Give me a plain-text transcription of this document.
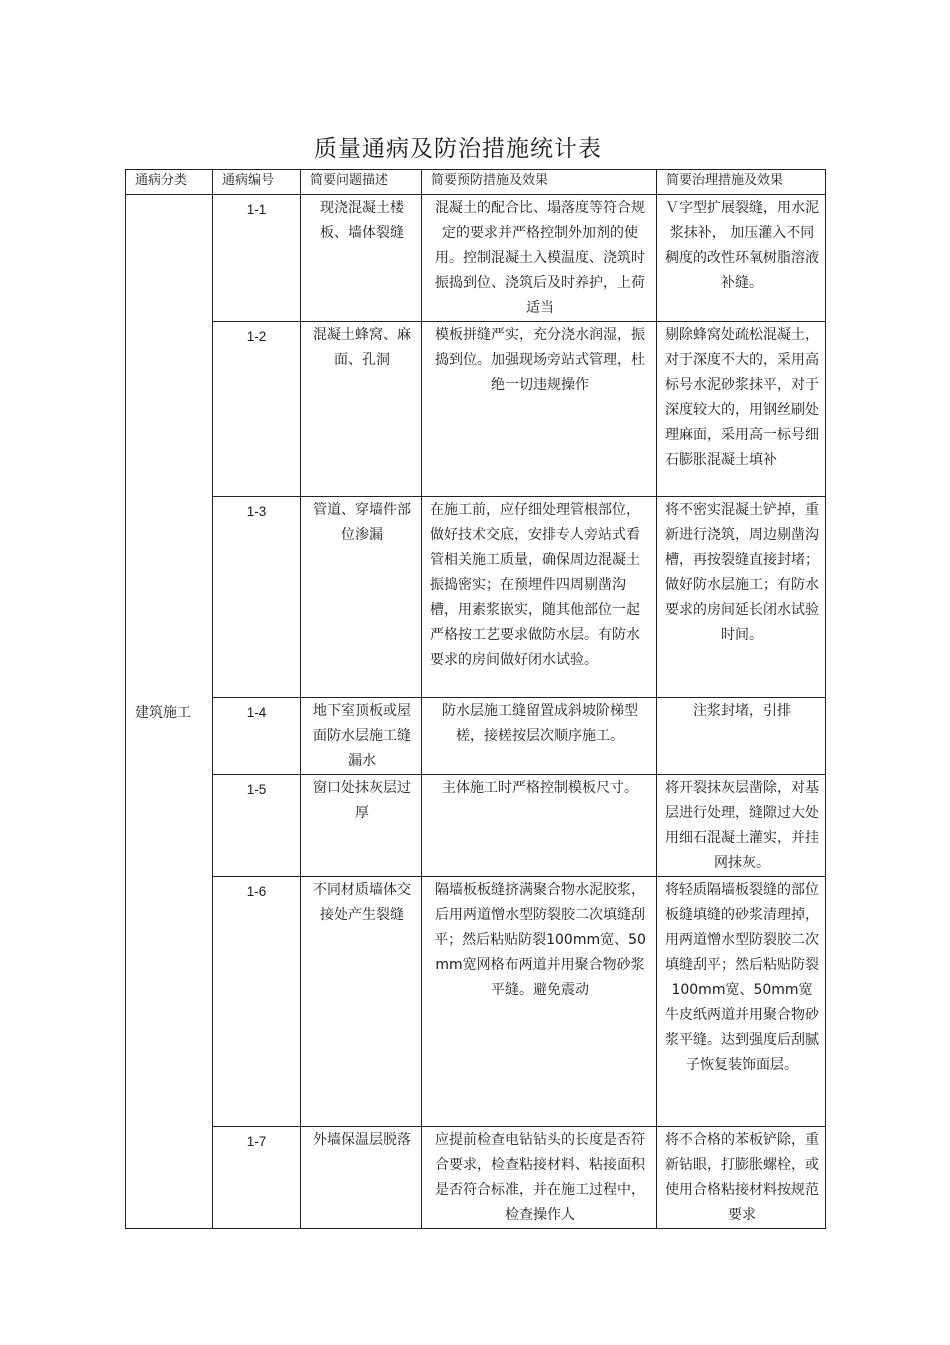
质量通病及防治措施统计表
通病分类	通病编号	简要问题描述	简要预防措施及效果	简要治理措施及效果
建筑施工	1-1	现浇混凝土楼板、墙体裂缝	混凝土的配合比、塌落度等符合规定的要求并严格控制外加剂的使用。控制混凝土入模温度、浇筑时振捣到位、浇筑后及时养护，上荷适当	Ｖ字型扩展裂缝，用水泥浆抹补， 加压灌入不同稠度的改性环氧树脂溶液补缝。
	1-2	混凝土蜂窝、麻面、孔洞	模板拼缝严实，充分浇水润湿，振捣到位。加强现场旁站式管理，杜绝一切违规操作	剔除蜂窝处疏松混凝土，对于深度不大的，采用高标号水泥砂浆抹平，对于深度较大的，用钢丝刷处理麻面，采用高一标号细石膨胀混凝土填补
	1-3	管道、穿墙件部位渗漏	在施工前，应仔细处理管根部位，做好技术交底，安排专人旁站式看管相关施工质量，确保周边混凝土振捣密实；在预埋件四周剔凿沟槽，用素浆嵌实，随其他部位一起严格按工艺要求做防水层。有防水要求的房间做好闭水试验。	将不密实混凝土铲掉，重新进行浇筑，周边剔凿沟槽，再按裂缝直接封堵；做好防水层施工；有防水要求的房间延长闭水试验时间。
	1-4	地下室顶板或屋面防水层施工缝漏水	防水层施工缝留置成斜坡阶梯型槎，接槎按层次顺序施工。	注浆封堵，引排
	1-5	窗口处抹灰层过厚	主体施工时严格控制模板尺寸。	将开裂抹灰层凿除，对基层进行处理，缝隙过大处用细石混凝土灌实，并挂网抹灰。
	1-6	不同材质墙体交接处产生裂缝	隔墙板板缝挤满聚合物水泥胶浆，后用两道憎水型防裂胶二次填缝刮平；然后粘贴防裂100mm宽、50mm宽网格布两道并用聚合物砂浆平缝。避免震动	将轻质隔墙板裂缝的部位板缝填缝的砂浆清理掉，用两道憎水型防裂胶二次填缝刮平；然后粘贴防裂100mm宽、50mm宽牛皮纸两道并用聚合物砂浆平缝。达到强度后刮腻子恢复装饰面层。
	1-7	外墙保温层脱落	应提前检查电钻钻头的长度是否符合要求，检查粘接材料、粘接面积是否符合标准，并在施工过程中，检查操作人	将不合格的苯板铲除，重新钻眼，打膨胀螺栓，或使用合格粘接材料按规范要求
